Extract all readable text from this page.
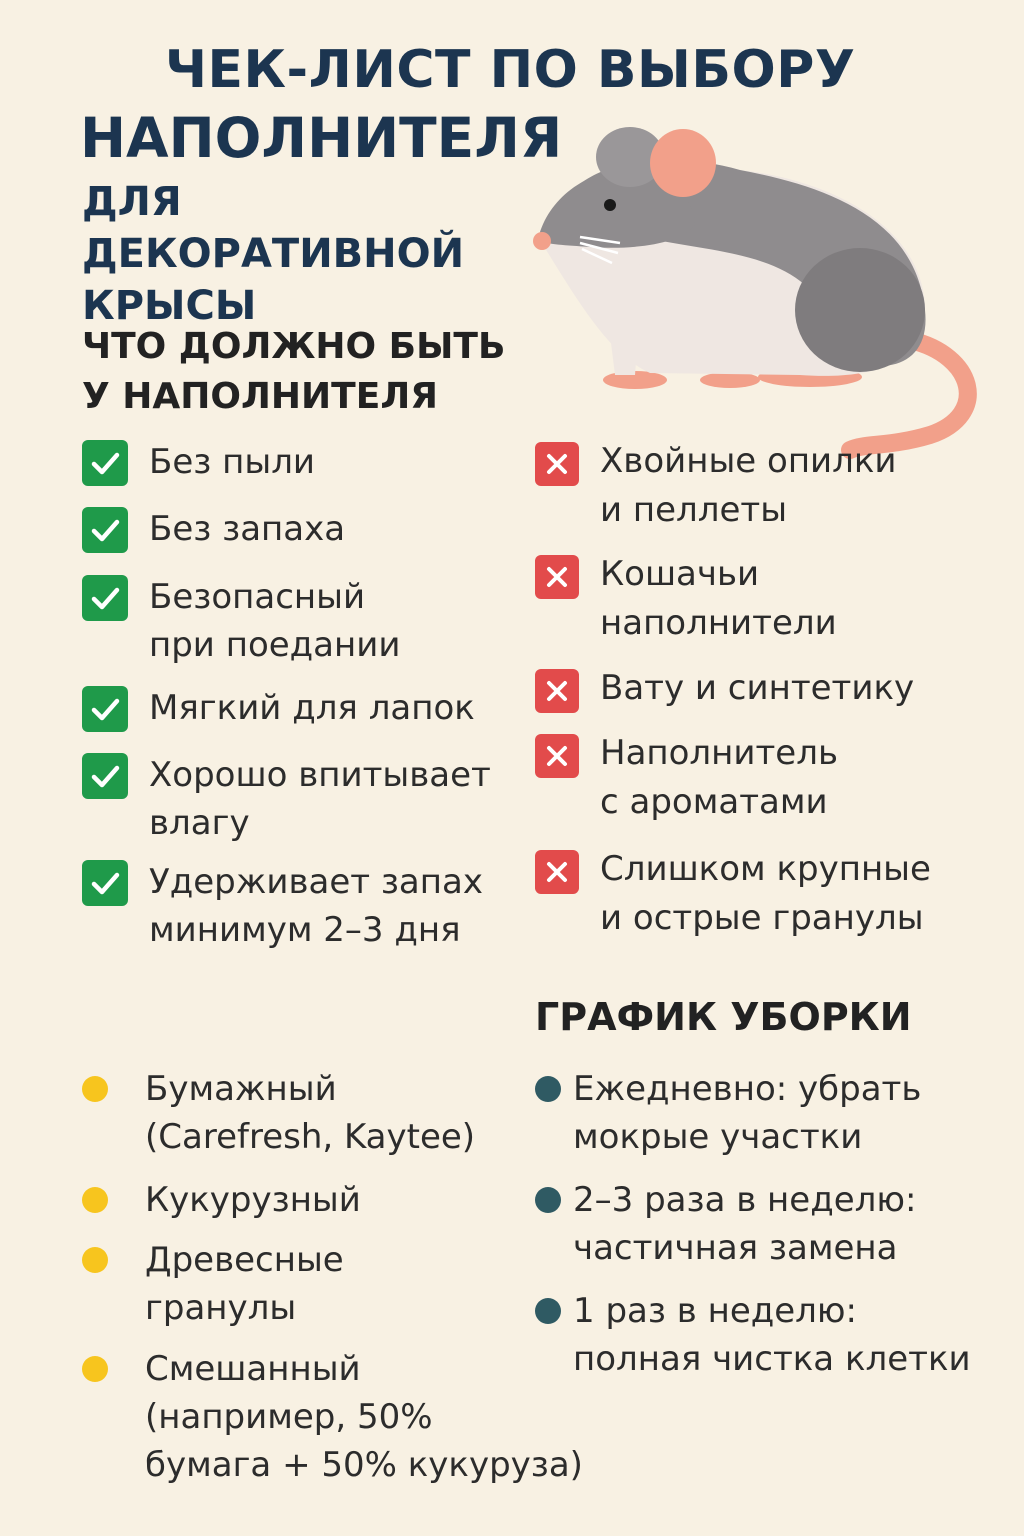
ЧЕК-ЛИСТ ПО ВЫБОРУ
НАПОЛНИТЕЛЯ
ДЛЯ ДЕКОРАТИВНОЙ КРЫСЫ
ЧТО ДОЛЖНО БЫТЬ У НАПОЛНИТЕЛЯ
Без пыли
Без запаха
Безопасный
при поедании
Мягкий для лапок
Хорошо впитывает
влагу
Удерживает запах
минимум 2–3 дня
Хвойные опилки
и пеллеты
Кошачьи
наполнители
Вату и синтетику
Наполнитель
с ароматами
Слишком крупные
и острые гранулы
ГРАФИК УБОРКИ
Бумажный
(Carefresh, Kaytee)
Кукурузный
Древесные
гранулы
Смешанный
(например, 50%
бумага + 50% кукуруза)
Ежедневно: убрать
мокрые участки
2–3 раза в неделю:
частичная замена
1 раз в неделю:
полная чистка клетки
